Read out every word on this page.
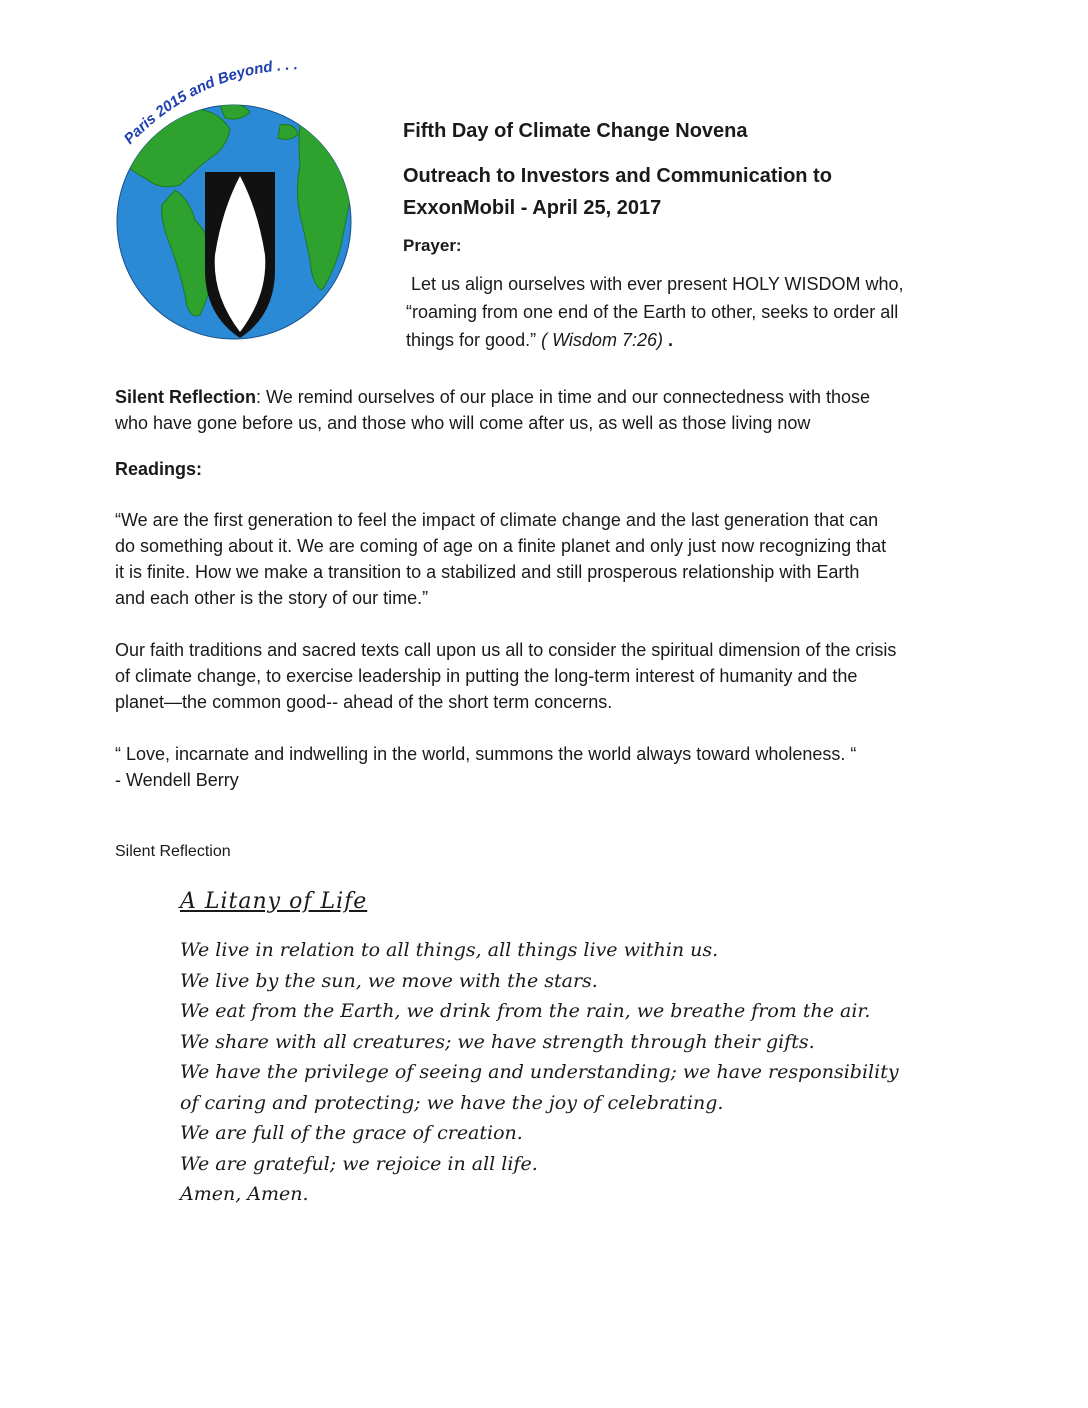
Paris 2015 and Beyond . . .
Fifth Day of Climate Change Novena
Outreach to Investors and Communication to
ExxonMobil - April 25, 2017
Prayer:
Let us align ourselves with ever present HOLY WISDOM who,
“roaming from one end of the Earth to other, seeks to order all
things for good.” ( Wisdom 7:26) .
Silent Reflection: We remind ourselves of our place in time and our connectedness with those
who have gone before us, and those who will come after us, as well as those living now
Readings:
“We are the first generation to feel the impact of climate change and the last generation that can
do something about it. We are coming of age on a finite planet and only just now recognizing that
it is finite. How we make a transition to a stabilized and still prosperous relationship with Earth
and each other is the story of our time.”
Our faith traditions and sacred texts call upon us all to consider the spiritual dimension of the crisis
of climate change, to exercise leadership in putting the long-term interest of humanity and the
planet—the common good-- ahead of the short term concerns.
“ Love, incarnate and indwelling in the world, summons the world always toward wholeness. “
- Wendell Berry
Silent Reflection
A Litany of Life
We live in relation to all things, all things live within us.
We live by the sun, we move with the stars.
We eat from the Earth, we drink from the rain, we breathe from the air.
We share with all creatures; we have strength through their gifts.
We have the privilege of seeing and understanding; we have responsibility
of caring and protecting; we have the joy of celebrating.
We are full of the grace of creation.
We are grateful; we rejoice in all life.
Amen, Amen.
